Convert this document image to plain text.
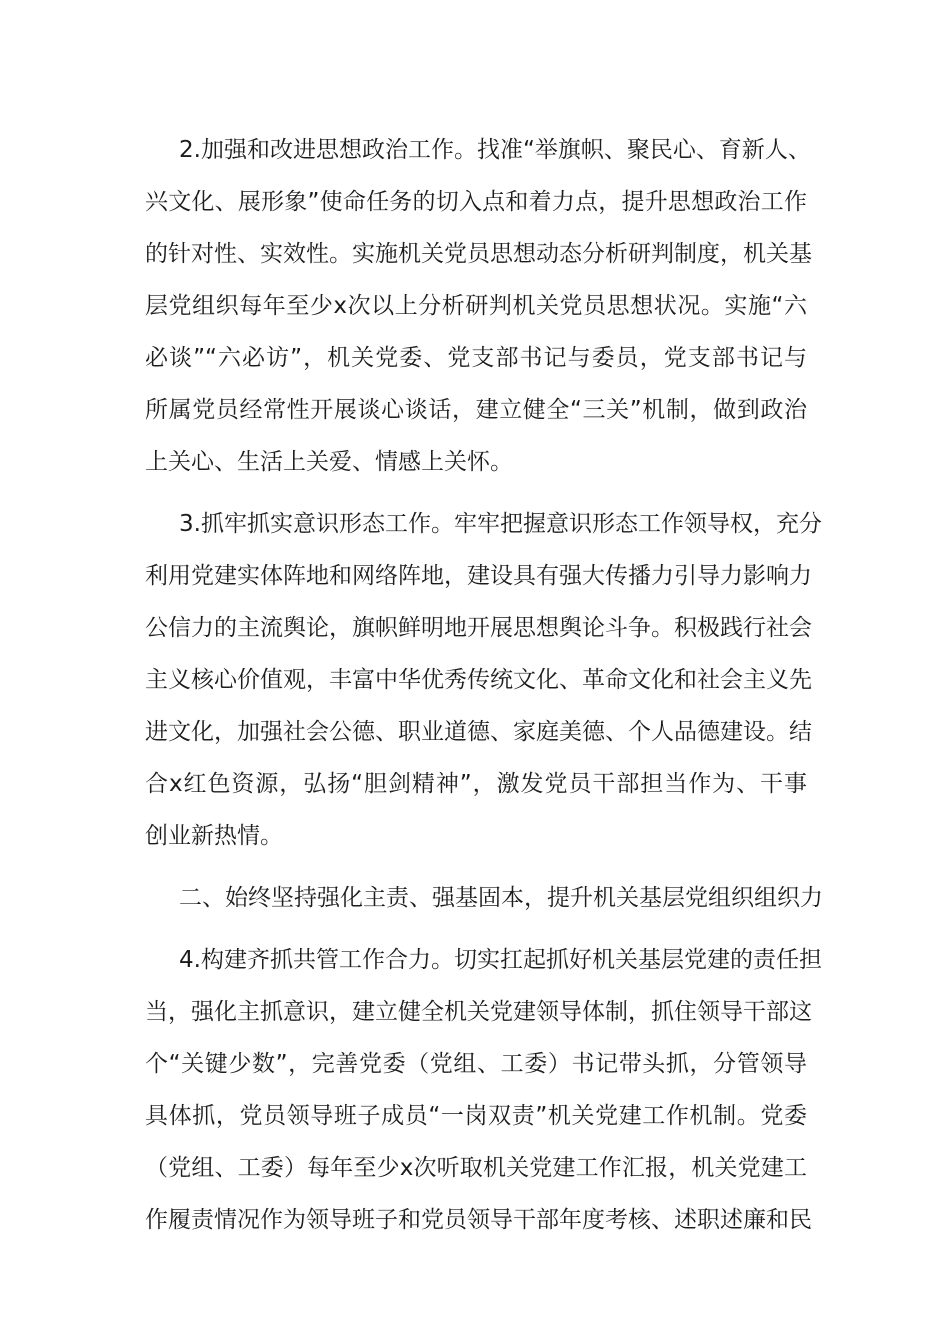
2.加强和改进思想政治工作。找准“举旗帜、聚民心、育新人、
兴文化、展形象”使命任务的切入点和着力点，提升思想政治工作
的针对性、实效性。实施机关党员思想动态分析研判制度，机关基
层党组织每年至少x次以上分析研判机关党员思想状况。实施“六
必谈”“六必访”，机关党委、党支部书记与委员，党支部书记与
所属党员经常性开展谈心谈话，建立健全“三关”机制，做到政治
上关心、生活上关爱、情感上关怀。
3.抓牢抓实意识形态工作。牢牢把握意识形态工作领导权，充分
利用党建实体阵地和网络阵地，建设具有强大传播力引导力影响力
公信力的主流舆论，旗帜鲜明地开展思想舆论斗争。积极践行社会
主义核心价值观，丰富中华优秀传统文化、革命文化和社会主义先
进文化，加强社会公德、职业道德、家庭美德、个人品德建设。结
合x红色资源，弘扬“胆剑精神”，激发党员干部担当作为、干事
创业新热情。
二、始终坚持强化主责、强基固本，提升机关基层党组织组织力
4.构建齐抓共管工作合力。切实扛起抓好机关基层党建的责任担
当，强化主抓意识，建立健全机关党建领导体制，抓住领导干部这
个“关键少数”，完善党委（党组、工委）书记带头抓，分管领导
具体抓，党员领导班子成员“一岗双责”机关党建工作机制。党委
（党组、工委）每年至少x次听取机关党建工作汇报，机关党建工
作履责情况作为领导班子和党员领导干部年度考核、述职述廉和民
